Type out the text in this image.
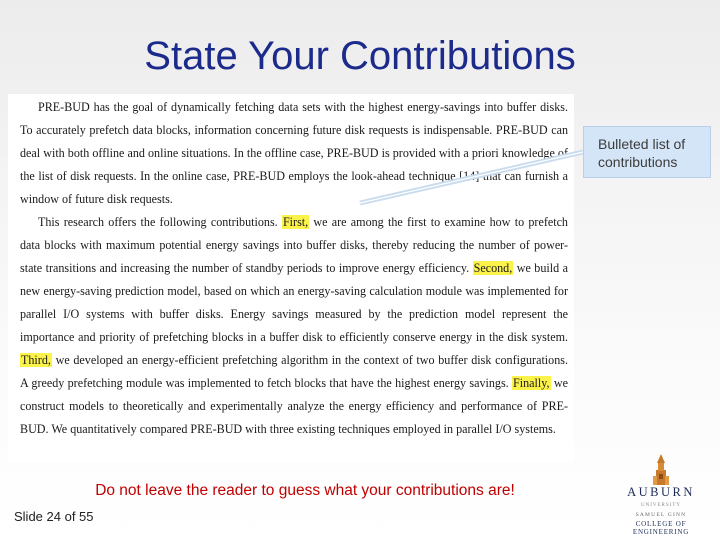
State Your Contributions

PRE-BUD has the goal of dynamically fetching data sets with the highest energy-savings into buffer disks. To accurately prefetch data blocks, information concerning future disk requests is indispensable. PRE-BUD can deal with both offline and online situations. In the offline case, PRE-BUD is provided with a priori knowledge of the list of disk requests. In the online case, PRE-BUD employs the look-ahead technique [14] that can furnish a window of future disk requests.

This research offers the following contributions. First, we are among the first to examine how to prefetch data blocks with maximum potential energy savings into buffer disks, thereby reducing the number of power-state transitions and increasing the number of standby periods to improve energy efficiency. Second, we build a new energy-saving prediction model, based on which an energy-saving calculation module was implemented for parallel I/O systems with buffer disks. Energy savings measured by the prediction model represent the importance and priority of prefetching blocks in a buffer disk to efficiently conserve energy in the disk system. Third, we developed an energy-efficient prefetching algorithm in the context of two buffer disk configurations. A greedy prefetching module was implemented to fetch blocks that have the highest energy savings. Finally, we construct models to theoretically and experimentally analyze the energy efficiency and performance of PRE-BUD. We quantitatively compared PRE-BUD with three existing techniques employed in parallel I/O systems.

Bulleted list of contributions
Do not leave the reader to guess what your contributions are!
Slide 24 of 55
AUBURN
UNIVERSITY
SAMUEL GINN
COLLEGE OF ENGINEERING
